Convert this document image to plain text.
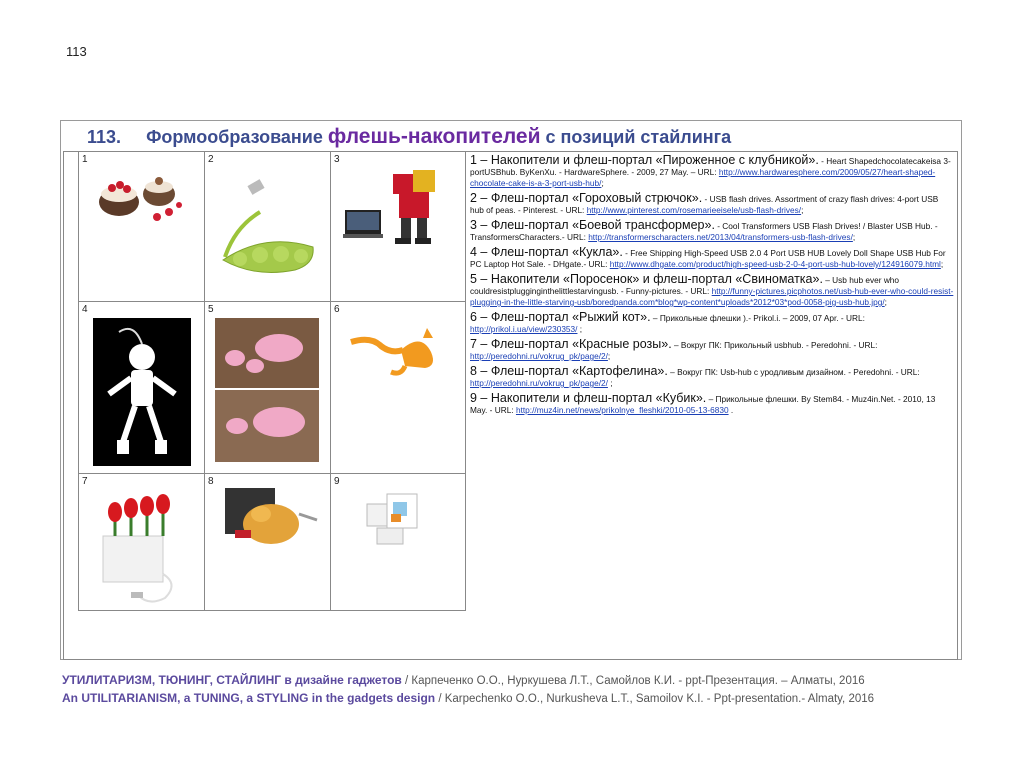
113
113. Формообразование флешь-накопителей с позиций стайлинга
1	2	3
4	5	6
7	8	9
1 – Накопители и флеш-портал «Пироженное с клубникой». - Heart Shapedchocolatecakeisa 3-portUSBhub. ByKenXu. - HardwareSphere. - 2009, 27 May. – URL: http://www.hardwaresphere.com/2009/05/27/heart-shaped-chocolate-cake-is-a-3-port-usb-hub/;
2 – Флеш-портал «Гороховый стрючок». - USB flash drives. Assortment of crazy flash drives: 4-port USB hub of peas. - Pinterest. - URL: http://www.pinterest.com/rosemarieeisele/usb-flash-drives/;
3 – Флеш-портал «Боевой трансформер». - Cool Transformers USB Flash Drives! / Blaster USB Hub. - TransformersCharacters.- URL: http://transformerscharacters.net/2013/04/transformers-usb-flash-drives/;
4 – Флеш-портал «Кукла». - Free Shipping High-Speed USB 2.0 4 Port USB HUB Lovely Doll Shape USB Hub For PC Laptop Hot Sale. - DHgate.- URL: http://www.dhgate.com/product/high-speed-usb-2-0-4-port-usb-hub-lovely/124916079.html;
5 – Накопители «Поросенок» и флеш-портал «Свиноматка». – Usb hub ever who couldresistplugginginthelittlestarvingusb. - Funny-pictures. - URL: http://funny-pictures.picphotos.net/usb-hub-ever-who-could-resist-plugging-in-the-little-starving-usb/boredpanda.com*blog*wp-content*uploads*2012*03*pod-0058-pig-usb-hub.jpg/;
6 – Флеш-портал «Рыжий кот». – Прикольные флешки ).- Prikol.i. – 2009, 07 Apr. - URL: http://prikol.i.ua/view/230353/ ;
7 – Флеш-портал «Красные розы». – Вокруг ПК: Прикольный usbhub. - Peredohni. - URL: http://peredohni.ru/vokrug_pk/page/2/;
8 – Флеш-портал «Картофелина». – Вокруг ПК: Usb-hub с уродливым дизайном. - Peredohni. - URL: http://peredohni.ru/vokrug_pk/page/2/ ;
9 – Накопители и флеш-портал «Кубик». – Прикольные флешки. By Stem84. - Muz4in.Net. - 2010, 13 May. - URL: http://muz4in.net/news/prikolnye_fleshki/2010-05-13-6830 .
УТИЛИТАРИЗМ, ТЮНИНГ, СТАЙЛИНГ в дизайне гаджетов / Карпеченко О.О., Нуркушева Л.Т., Самойлов К.И. - ppt-Презентация. – Алматы, 2016
An UTILITARIANISM, a TUNING, a STYLING in the gadgets design / Karpechenko O.O., Nurkusheva L.T., Samoilov K.I. - Ppt-presentation.- Almaty, 2016
